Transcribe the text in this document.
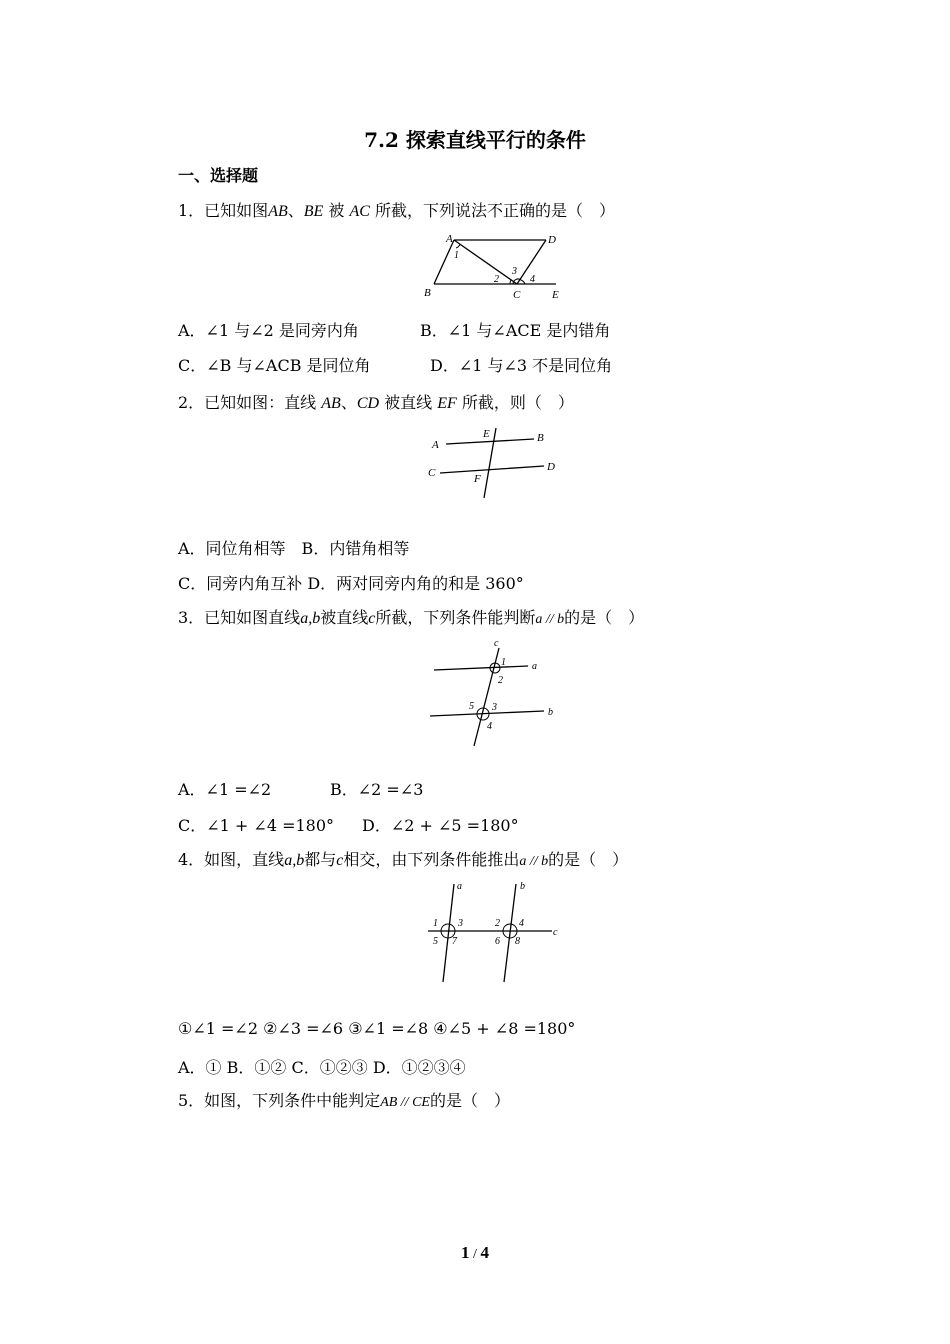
7.2 探索直线平行的条件
一、选择题
1．已知如图AB、BE 被 AC 所截，下列说法不正确的是（　）
A	D
1
3
4
2
B	C	E
A．∠1 与∠2 是同旁内角	B．∠1 与∠ACE 是内错角
C．∠B 与∠ACB 是同位角	D．∠1 与∠3 不是同位角
2．已知如图：直线 AB、CD 被直线 EF 所截，则（　）
A
E	B
C	F
D
A．同位角相等　B．内错角相等
C．同旁内角互补 D．两对同旁内角的和是 360°
3．已知如图直线a,b被直线c所截，下列条件能判断a // b的是（　）
c
1	a
2
5 3	b
4
A．∠1 =∠2	B．∠2 =∠3
C．∠1 + ∠4 =180° D．∠2 + ∠5 =180°
4．如图，直线a,b都与c相交，由下列条件能推出a // b的是（　）
a	b
1 3	2 4
c
5 7	6 8
①∠1 =∠2 ②∠3 =∠6 ③∠1 =∠8 ④∠5 + ∠8 =180°
A．① B．①② C．①②③ D．①②③④
5．如图，下列条件中能判定AB // CE的是（　）
1 / 4
